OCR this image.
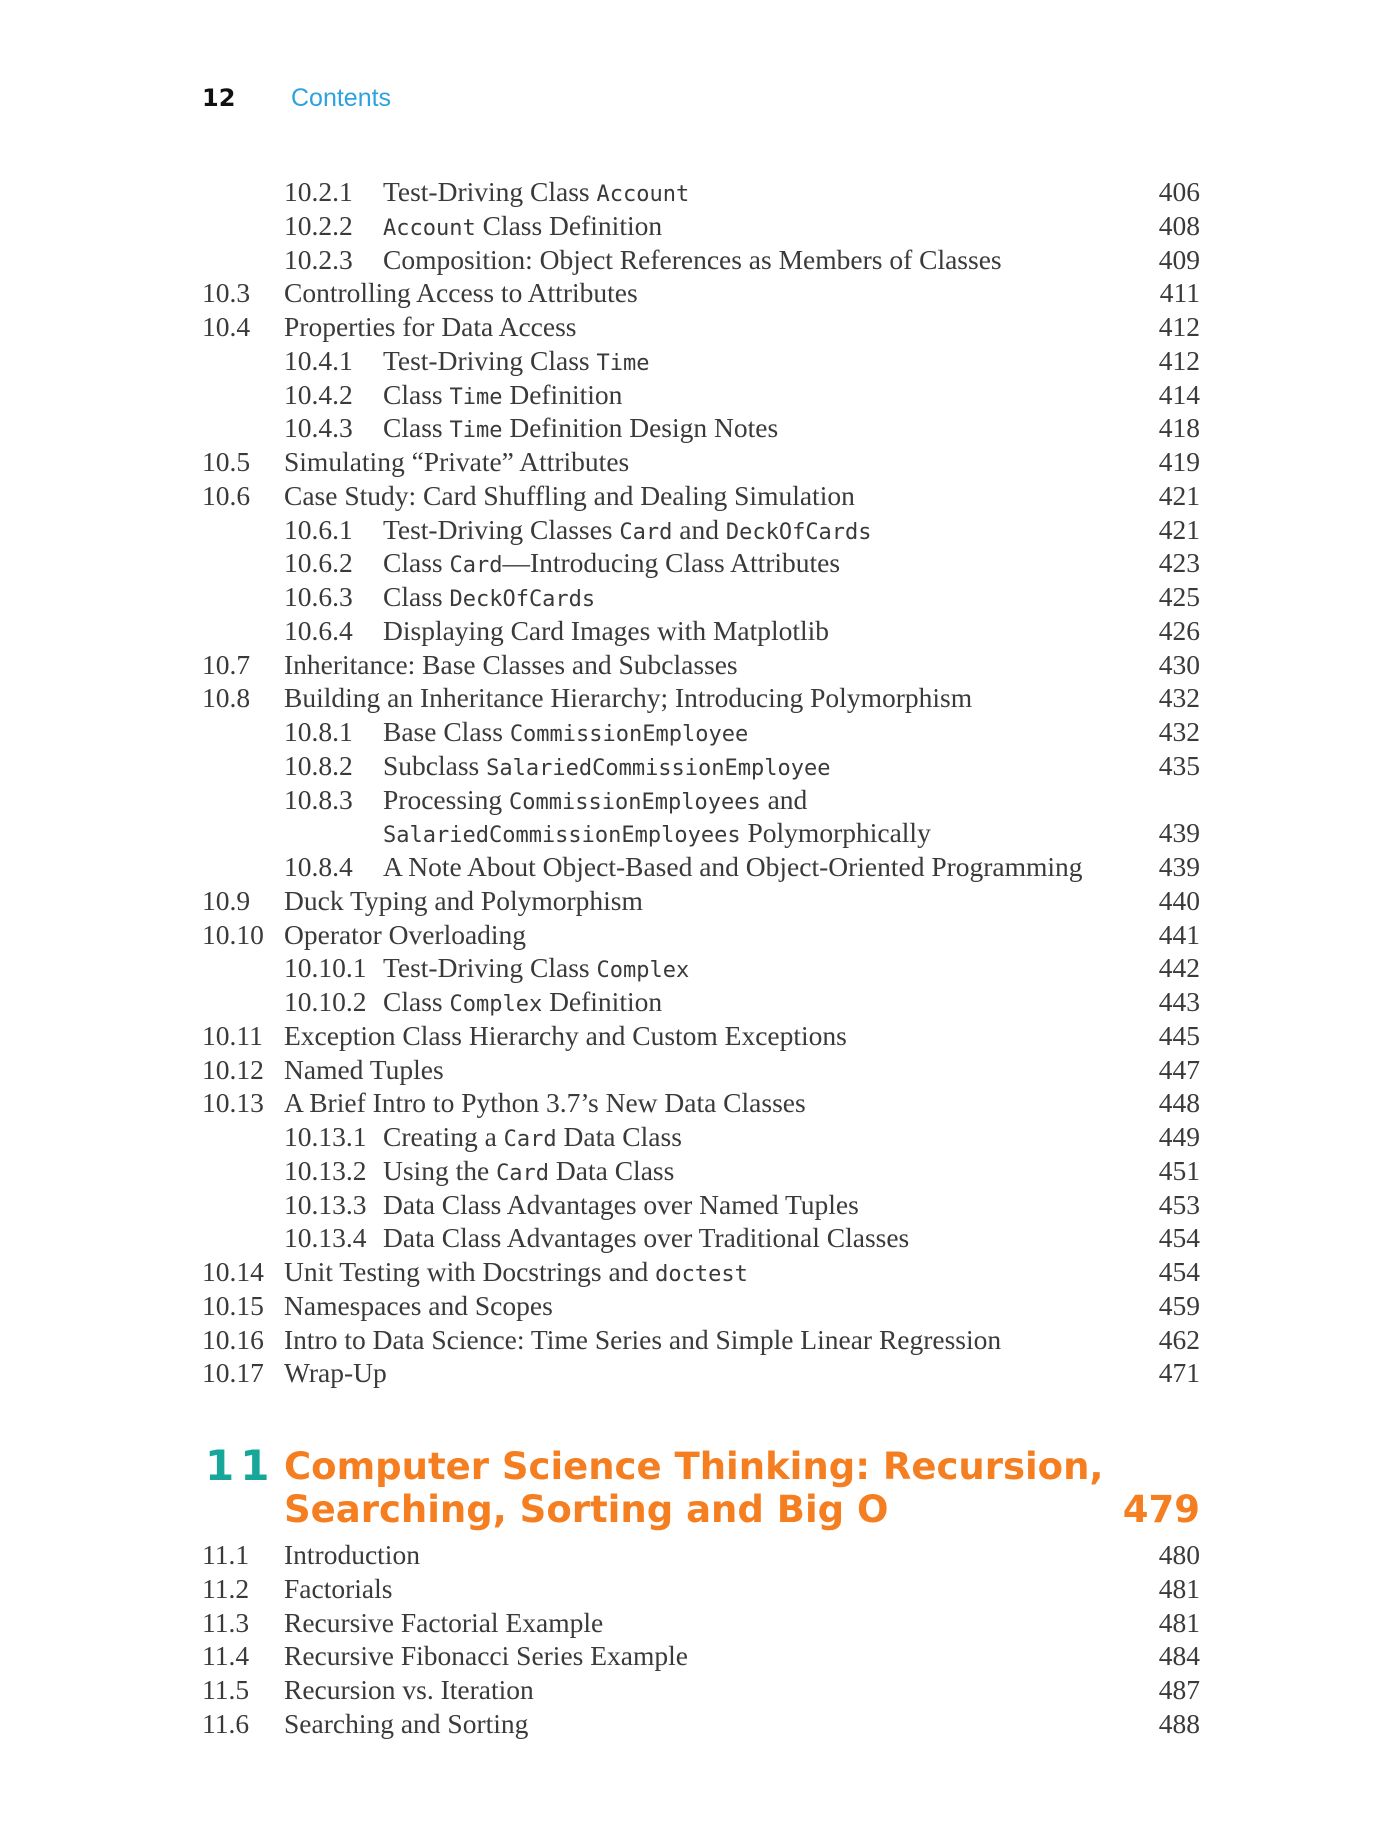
12 Contents
10.2.1 Test-Driving Class Account	406
10.2.2 Account Class Definition	408
10.2.3 Composition: Object References as Members of Classes	409
10.3 Controlling Access to Attributes	411
10.4 Properties for Data Access	412
10.4.1 Test-Driving Class Time	412
10.4.2 Class Time Definition	414
10.4.3 Class Time Definition Design Notes	418
10.5 Simulating “Private” Attributes	419
10.6 Case Study: Card Shuffling and Dealing Simulation	421
10.6.1 Test-Driving Classes Card and DeckOfCards	421
10.6.2 Class Card—Introducing Class Attributes	423
10.6.3 Class DeckOfCards	425
10.6.4 Displaying Card Images with Matplotlib	426
10.7 Inheritance: Base Classes and Subclasses	430
10.8 Building an Inheritance Hierarchy; Introducing Polymorphism	432
10.8.1 Base Class CommissionEmployee	432
10.8.2 Subclass SalariedCommissionEmployee	435
10.8.3 Processing CommissionEmployees and
SalariedCommissionEmployees Polymorphically	439
10.8.4 A Note About Object-Based and Object-Oriented Programming	439
10.9 Duck Typing and Polymorphism	440
10.10 Operator Overloading	441
10.10.1 Test-Driving Class Complex	442
10.10.2 Class Complex Definition	443
10.11 Exception Class Hierarchy and Custom Exceptions	445
10.12 Named Tuples	447
10.13 A Brief Intro to Python 3.7’s New Data Classes	448
10.13.1 Creating a Card Data Class	449
10.13.2 Using the Card Data Class	451
10.13.3 Data Class Advantages over Named Tuples	453
10.13.4 Data Class Advantages over Traditional Classes	454
10.14 Unit Testing with Docstrings and doctest	454
10.15 Namespaces and Scopes	459
10.16 Intro to Data Science: Time Series and Simple Linear Regression	462
10.17 Wrap-Up	471
11 Computer Science Thinking: Recursion,
Searching, Sorting and Big O	479
11.1 Introduction	480
11.2 Factorials	481
11.3 Recursive Factorial Example	481
11.4 Recursive Fibonacci Series Example	484
11.5 Recursion vs. Iteration	487
11.6 Searching and Sorting	488
